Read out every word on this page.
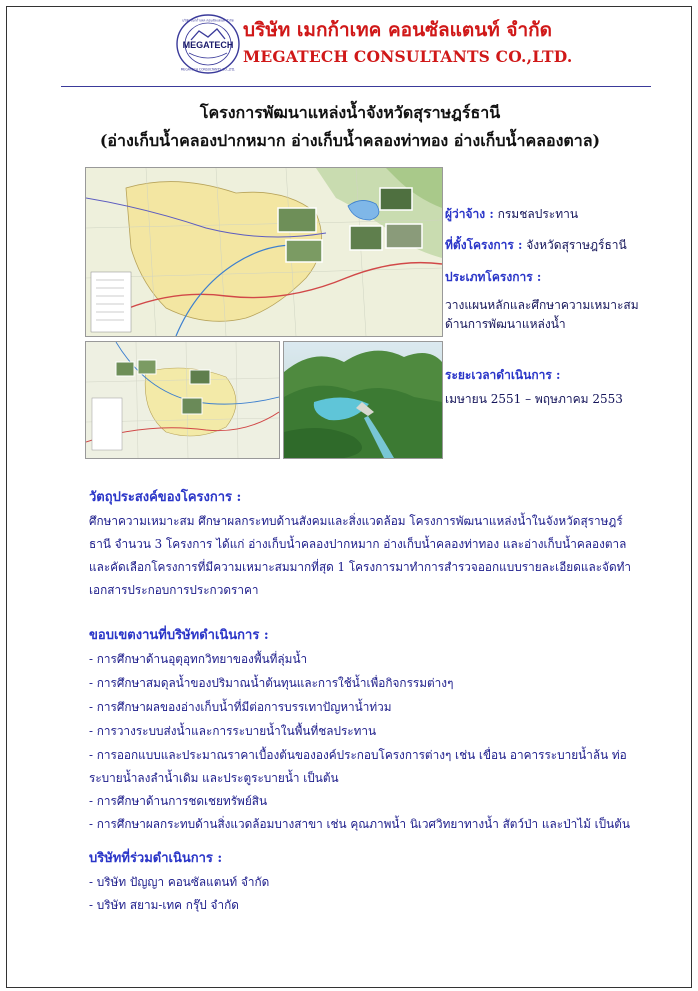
MEGATECH
บริษัท เมกก้าเทค คอนซัลแตนท์ จำกัด
MEGATECH CONSULTANTS CO.,LTD.
บริษัท เมกก้าเทค คอนซัลแตนท์ จำกัด
MEGATECH CONSULTANTS CO.,LTD.
โครงการพัฒนาแหล่งน้ำจังหวัดสุราษฎร์ธานี
(อ่างเก็บน้ำคลองปากหมาก อ่างเก็บน้ำคลองท่าทอง อ่างเก็บน้ำคลองตาล)
ผู้ว่าจ้าง : กรมชลประทาน
ที่ตั้งโครงการ : จังหวัดสุราษฎร์ธานี
ประเภทโครงการ :
วางแผนหลักและศึกษาความเหมาะสม
ด้านการพัฒนาแหล่งน้ำ
ระยะเวลาดำเนินการ :
เมษายน 2551 – พฤษภาคม 2553
วัตถุประสงค์ของโครงการ :
ศึกษาความเหมาะสม ศึกษาผลกระทบด้านสังคมและสิ่งแวดล้อม โครงการพัฒนาแหล่งน้ำในจังหวัดสุราษฎร์
ธานี จำนวน 3 โครงการ ได้แก่ อ่างเก็บน้ำคลองปากหมาก อ่างเก็บน้ำคลองท่าทอง และอ่างเก็บน้ำคลองตาล
และคัดเลือกโครงการที่มีความเหมาะสมมากที่สุด 1 โครงการมาทำการสำรวจออกแบบรายละเอียดและจัดทำ
เอกสารประกอบการประกวดราคา
ขอบเขตงานที่บริษัทดำเนินการ :
- การศึกษาด้านอุตุอุทกวิทยาของพื้นที่ลุ่มน้ำ
- การศึกษาสมดุลน้ำของปริมาณน้ำต้นทุนและการใช้น้ำเพื่อกิจกรรมต่างๆ
- การศึกษาผลของอ่างเก็บน้ำที่มีต่อการบรรเทาปัญหาน้ำท่วม
- การวางระบบส่งน้ำและการระบายน้ำในพื้นที่ชลประทาน
- การออกแบบและประมาณราคาเบื้องต้นขององค์ประกอบโครงการต่างๆ เช่น เขื่อน อาคารระบายน้ำล้น ท่อ
ระบายน้ำลงลำน้ำเดิม และประตูระบายน้ำ เป็นต้น
- การศึกษาด้านการชดเชยทรัพย์สิน
- การศึกษาผลกระทบด้านสิ่งแวดล้อมบางสาขา เช่น คุณภาพน้ำ นิเวศวิทยาทางน้ำ สัตว์ป่า และป่าไม้ เป็นต้น
บริษัทที่ร่วมดำเนินการ :
- บริษัท ปัญญา คอนซัลแตนท์ จำกัด
- บริษัท สยาม-เทค กรุ๊ป จำกัด
